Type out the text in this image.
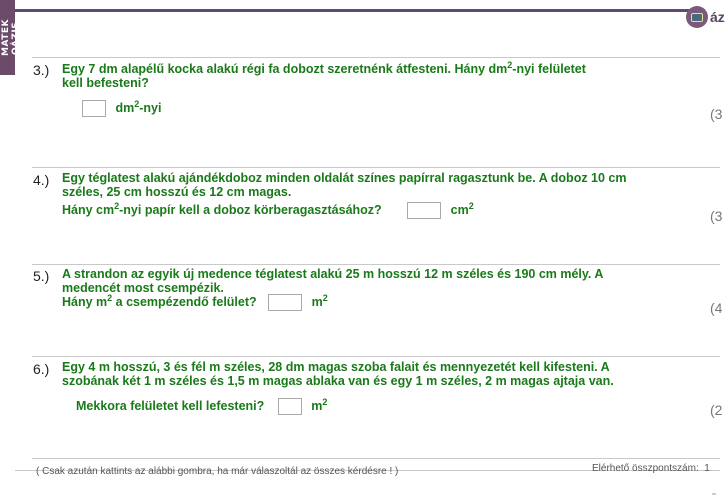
MATEK OÁZIS
áz
3.) Egy 7 dm alapélű kocka alakú régi fa dobozt szeretnénk átfesteni. Hány $dm^2$-nyi felületet
kell befesteni?
$dm^2$-nyi	(3
4.) Egy téglatest alakú ajándékdoboz minden oldalát színes papírral ragasztunk be. A doboz 10 cm
széles, 25 cm hosszú és 12 cm magas.
Hány $cm^2$-nyi papír kell a doboz körberagasztásához?	$cm^2$
(3
5.) A strandon az egyik új medence téglatest alakú 25 m hosszú 12 m széles és 190 cm mély. A
medencét most csempézik.
Hány $m^2$ a csempézendő felület?	$m^2$
(4
6.) Egy 4 m hosszú, 3 és fél m széles, 28 dm magas szoba falait és mennyezetét kell kifesteni. A
szobának két 1 m széles és 1,5 m magas ablaka van és egy 1 m széles, 2 m magas ajtaja van.
Mekkora felületet kell lefesteni?	$m^2$
(2
( Csak azután kattints az alábbi gombra, ha már válaszoltál az összes kérdésre ! )	Elérhető összpontszám: 1
